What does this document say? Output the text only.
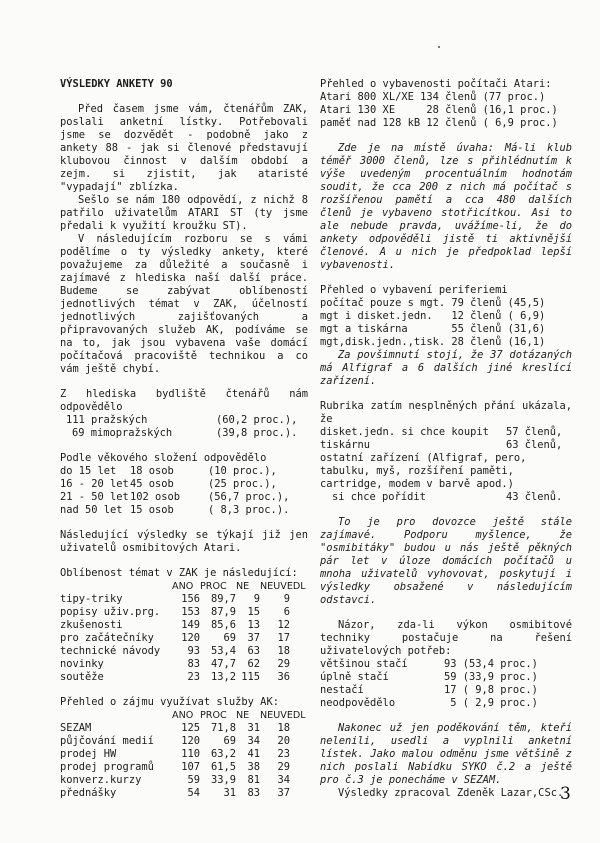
VÝSLEDKY ANKETY 90

Před časem jsme vám, čtenářům ZAK, poslali anketní lístky. Potřebovali jsme se dozvědět - podobně jako z ankety 88 - jak si členové představují klubovou činnost v dalším období a zejm. si zjistit, jak ataristé "vypadají" zblízka.

Sešlo se nám 180 odpovědí, z nichž 8 patřilo uživatelům ATARI ST (ty jsme předali k využití kroužku ST).

V následujícím rozboru se s vámi podělíme o ty výsledky ankety, které považujeme za důležité a současně i zajímavé z hlediska naší další práce. Budeme se zabývat oblíbeností jednotlivých témat v ZAK, účelností jednotlivých zajišťovaných a připravovaných služeb AK, podíváme se na to, jak jsou vybavena vaše domácí počítačová pracoviště technikou a co vám ještě chybí.

Z hlediska bydliště čtenářů nám odpovědělo

111 pražských	(60,2 proc.),
69 mimopražských	(39,8 proc.).

Podle věkového složení odpovědělo

do 15 let	18 osob	(10 proc.),
16 - 20 let 45 osob	(25 proc.),
21 - 50 let 102 osob	(56,7 proc.),
nad 50 let 15 osob	( 8,3 proc.).

Následující výsledky se týkají již jen uživatelů osmibitových Atari.

Oblíbenost témat v ZAK je následující:

ANO PROC NE	NEUVEDL
tipy-triky	156	89,7	9	9
popisy uživ.prg.	153	87,9	15	6
zkušenosti	149	85,6	13	12
pro začátečníky	120	69	37	17
technické návody	93	53,4	63	18
novinky	83	47,7	62	29
soutěže	23	13,2 115	36

Přehled o zájmu využívat služby AK:

ANO PROC NE	NEUVEDL
SEZAM	125	71,8	31	18
půjčování medií	120	69	34	20
prodej HW	110	63,2	41	23
prodej programů	107	61,5	38	29
konverz.kurzy	59	33,9	81	34
přednášky	54	31	83	37

Přehled o vybavenosti počítači Atari:

Atari 800 XL/XE 134 členů (77 proc.)

Atari 130 XE     28 členů (16,1 proc.)

paměť nad 128 kB 12 členů ( 6,9 proc.)

Zde je na místě úvaha: Má-li klub téměř 3000 členů, lze s přihlédnutím k výše uvedeným procentuálním hodnotám soudit, že cca 200 z nich má počítač s rozšířenou pamětí a cca 480 dalších členů je vybaveno stotřicítkou. Asi to ale nebude pravda, uvážíme-li, že do ankety odpověděli jistě ti aktivnější členové. A u nich je předpoklad lepší vybavenosti.

Přehled o vybavení periferiemi

počítač pouze s mgt. 79 členů (45,5)

mgt i disket.jedn.   12 členů ( 6,9)

mgt a tiskárna       55 členů (31,6)

mgt,disk.jedn.,tisk. 28 členů (16,1)

Za povšimnutí stojí, že 37 dotázaných má Alfigraf a 6 dalších jiné kreslící zařízení.

Rubrika zatím nesplněných přání ukázala, že

disket.jedn. si chce koupit	57 členů,
tiskárnu	63 členů,

ostatní zařízení (Alfigraf, pero, tabulku, myš, rozšíření paměti, cartridge, modem v barvě apod.)

si chce pořídit	43 členů.

To je pro dovozce ještě stále zajímavé. Podporu myšlence, že "osmibitáky" budou u nás ještě pěkných pár let v úloze domácích počítačů u mnoha uživatelů vyhovovat, poskytují i výsledky obsažené v následujícím odstavci.

Názor, zda-li výkon osmibitové techniky postačuje na řešení uživatelových potřeb:

většinou stačí	93 (53,4 proc.)
úplně stačí	59 (33,9 proc.)
nestačí	17 ( 9,8 proc.)
neodpovědělo	5 ( 2,9 proc.)

Nakonec už jen poděkování těm, kteří nelenili, usedli a vyplnili anketní lístek. Jako malou odměnu jsme většině z nich poslali Nabídku SYKO č.2 a ještě pro č.3 je ponecháme v SEZAM.

Výsledky zpracoval Zdeněk Lazar,CSc.

3
